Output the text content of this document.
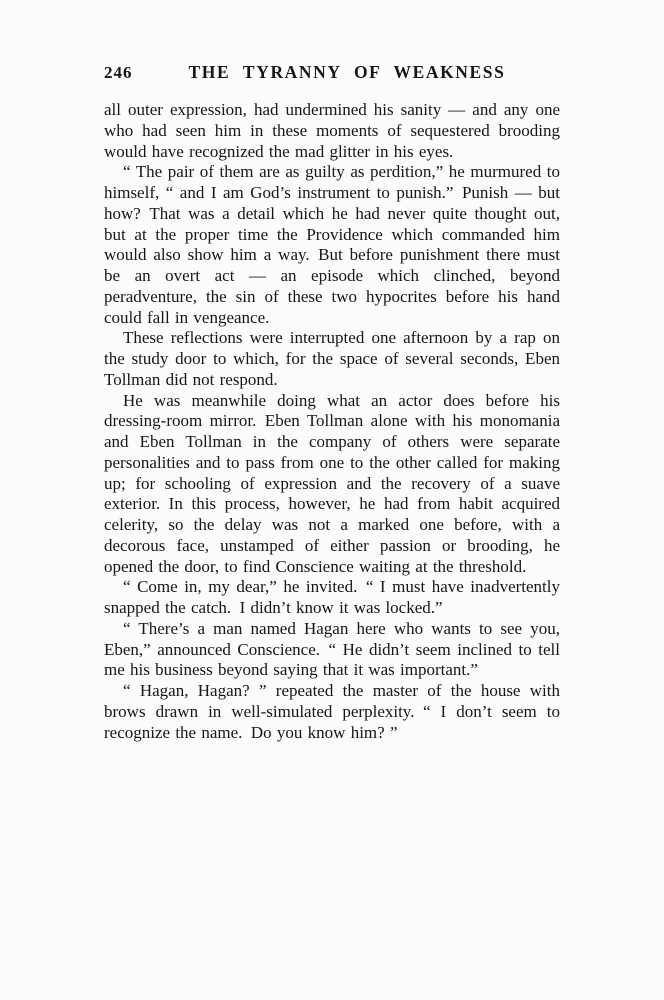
246	THE TYRANNY OF WEAKNESS

all outer expression, had undermined his sanity — and any one who had seen him in these moments of sequestered brooding would have recognized the mad glitter in his eyes.

“ The pair of them are as guilty as perdition,” he murmured to himself, “ and I am God’s instrument to punish.” Punish — but how? That was a detail which he had never quite thought out, but at the proper time the Providence which commanded him would also show him a way. But before punishment there must be an overt act — an episode which clinched, beyond peradventure, the sin of these two hypocrites before his hand could fall in vengeance.

These reflections were interrupted one afternoon by a rap on the study door to which, for the space of several seconds, Eben Tollman did not respond.

He was meanwhile doing what an actor does before his dressing-room mirror. Eben Tollman alone with his monomania and Eben Tollman in the company of others were separate personalities and to pass from one to the other called for making up; for schooling of expression and the recovery of a suave exterior. In this process, however, he had from habit acquired celerity, so the delay was not a marked one before, with a decorous face, unstamped of either passion or brooding, he opened the door, to find Conscience waiting at the threshold.

“ Come in, my dear,” he invited. “ I must have inadvertently snapped the catch. I didn’t know it was locked.”

“ There’s a man named Hagan here who wants to see you, Eben,” announced Conscience. “ He didn’t seem inclined to tell me his business beyond saying that it was important.”

“ Hagan, Hagan? ” repeated the master of the house with brows drawn in well-simulated perplexity. “ I don’t seem to recognize the name. Do you know him? ”
